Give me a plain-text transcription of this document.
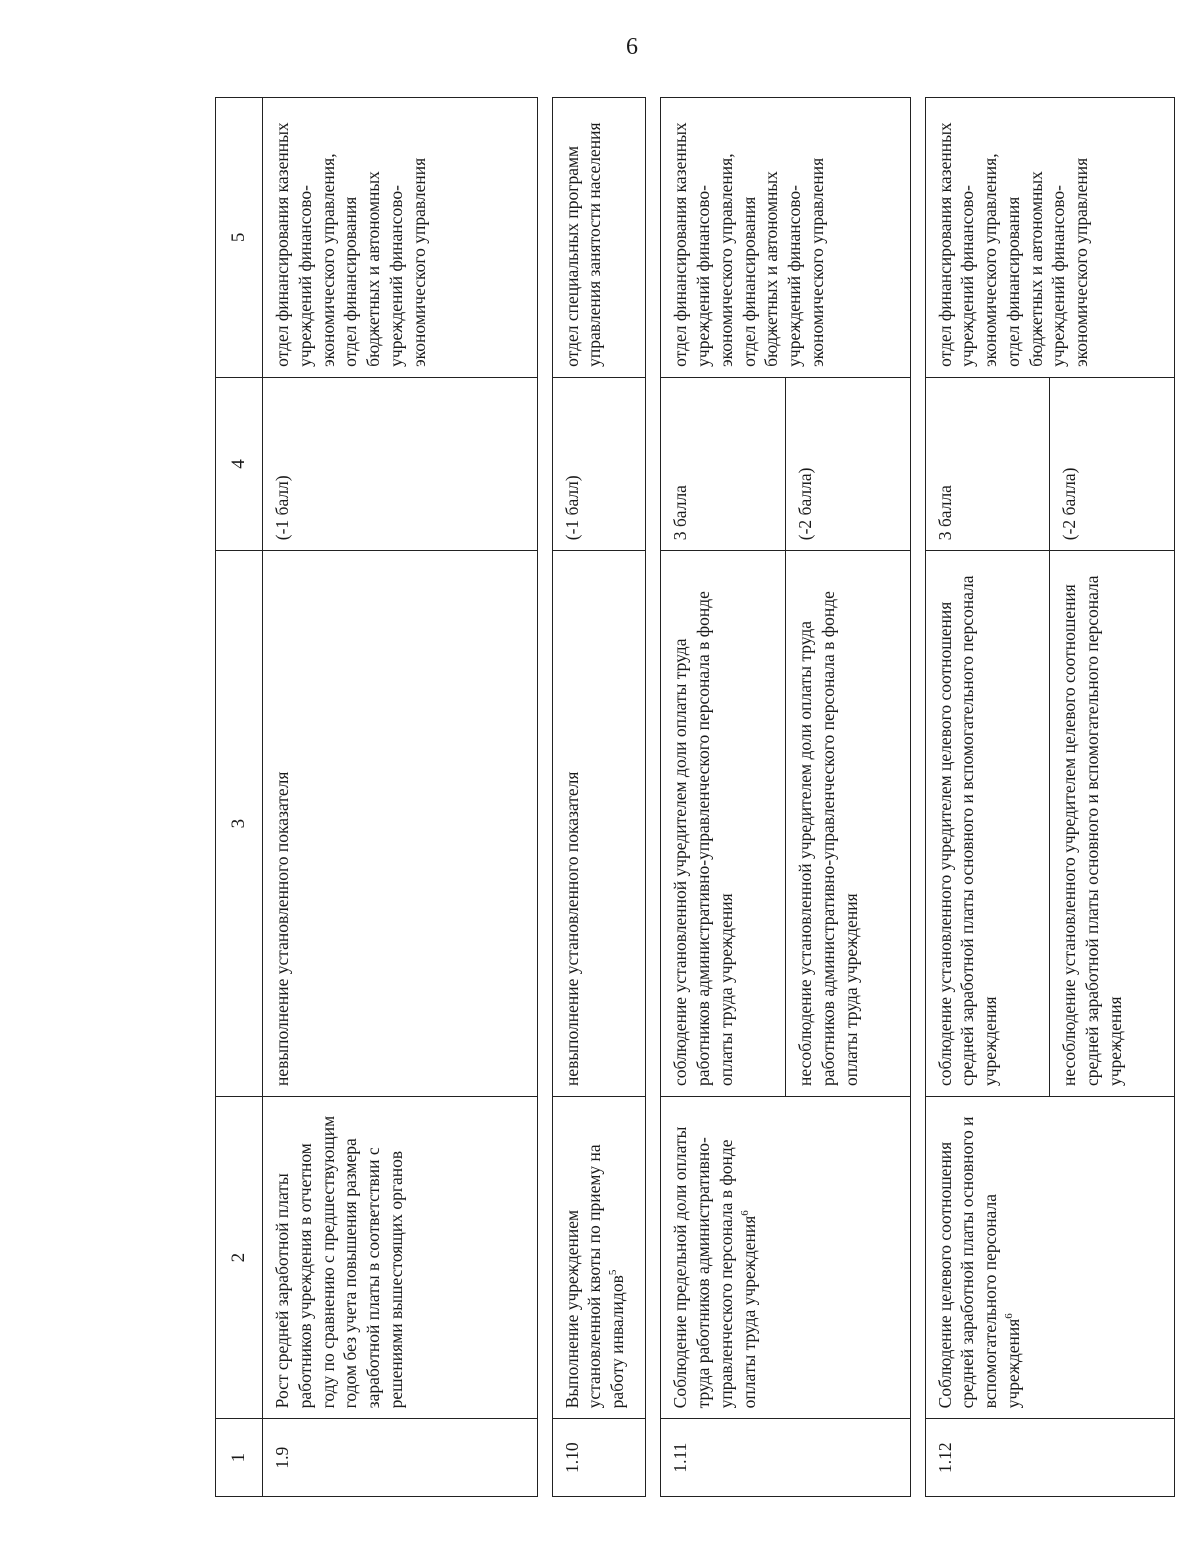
6
1	2	3	4	5
1.9	Рост средней заработной платы работников учреждения в отчетном году по сравнению с предшествующим годом без учета повышения размера заработной платы в соответствии с решениями вышестоящих органов	невыполнение установленного показателя	(-1 балл)	отдел финансирования казенных учреждений финансово-экономического управления, отдел финансирования бюджетных и автономных учреждений финансово-экономического управления

1.10	Выполнение учреждением установленной квоты по приему на работу инвалидов$^5$	невыполнение установленного показателя	(-1 балл)	отдел специальных программ управления занятости населения

1.11	Соблюдение предельной доли оплаты труда работников административно-управленческого персонала в фонде оплаты труда учреждения$^6$	соблюдение установленной учредителем доли оплаты труда работников административно-управленческого персонала в фонде оплаты труда учреждения	3 балла	отдел финансирования казенных учреждений финансово-экономического управления, отдел финансирования бюджетных и автономных учреждений финансово-экономического управления
		несоблюдение установленной учредителем доли оплаты труда работников административно-управленческого персонала в фонде оплаты труда учреждения	(-2 балла)	

1.12	Соблюдение целевого соотношения средней заработной платы основного и вспомогательного персонала учреждения$^6$	соблюдение установленного учредителем целевого соотношения средней заработной платы основного и вспомогательного персонала учреждения	3 балла	отдел финансирования казенных учреждений финансово-экономического управления, отдел финансирования бюджетных и автономных учреждений финансово-экономического управления
		несоблюдение установленного учредителем целевого соотношения средней заработной платы основного и вспомогательного персонала учреждения	(-2 балла)	
